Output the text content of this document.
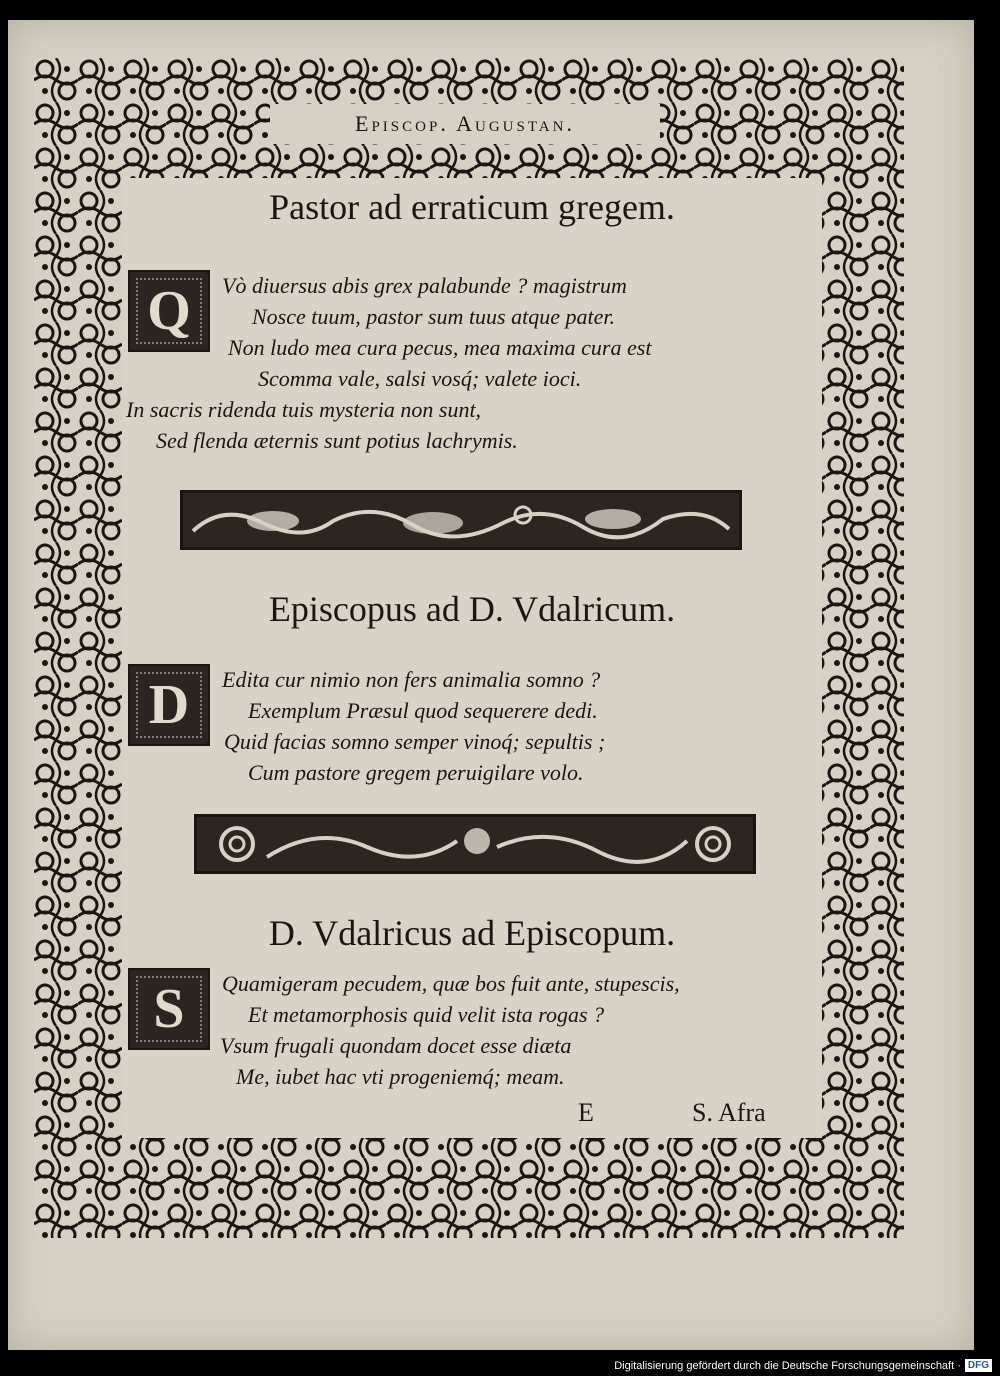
Episcop. Augustan.
Pastor ad erraticum gregem.
Q	Vò diuersus abis grex palabunde ? magistrum
Nosce tuum, pastor sum tuus atque pater.
Non ludo mea cura pecus, mea maxima cura est
Scomma vale, salsi vosq́; valete ioci.
In sacris ridenda tuis mysteria non sunt,
Sed flenda æternis sunt potius lachrymis.
Episcopus ad D. Vdalricum.
D	Edita cur nimio non fers animalia somno ?
Exemplum Præsul quod sequerere dedi.
Quid facias somno semper vinoq́; sepultis ;
Cum pastore gregem peruigilare volo.
D. Vdalricus ad Episcopum.
S	Quamigeram pecudem, quæ bos fuit ante, stupescis,
Et metamorphosis quid velit ista rogas ?
Vsum frugali quondam docet esse diæta
Me, iubet hac vti progeniemq́; meam.
E	S. Afra
Digitalisierung gefördert durch die Deutsche Forschungsgemeinschaft · DFG
